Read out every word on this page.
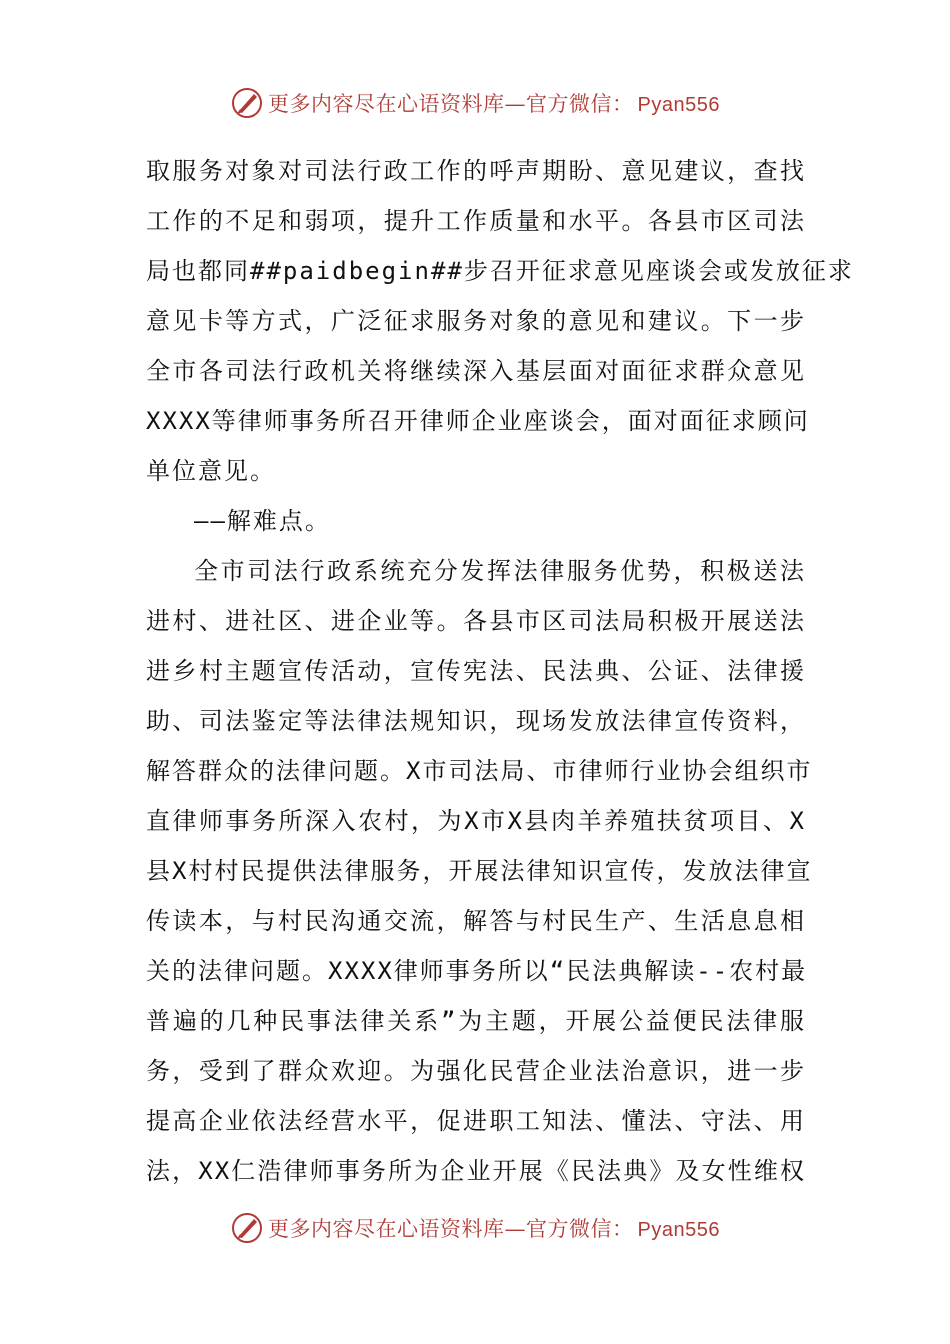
更多内容尽在心语资料库—官方微信： Pyan556
取服务对象对司法行政工作的呼声期盼、意见建议，查找
工作的不足和弱项，提升工作质量和水平。各县市区司法
局也都同##paidbegin##步召开征求意见座谈会或发放征求
意见卡等方式，广泛征求服务对象的意见和建议。下一步
全市各司法行政机关将继续深入基层面对面征求群众意见
XXXX等律师事务所召开律师企业座谈会，面对面征求顾问
单位意见。
——解难点。
全市司法行政系统充分发挥法律服务优势，积极送法
进村、进社区、进企业等。各县市区司法局积极开展送法
进乡村主题宣传活动，宣传宪法、民法典、公证、法律援
助、司法鉴定等法律法规知识，现场发放法律宣传资料，
解答群众的法律问题。X市司法局、市律师行业协会组织市
直律师事务所深入农村，为X市X县肉羊养殖扶贫项目、X
县X村村民提供法律服务，开展法律知识宣传，发放法律宣
传读本，与村民沟通交流，解答与村民生产、生活息息相
关的法律问题。XXXX律师事务所以“民法典解读--农村最
普遍的几种民事法律关系”为主题，开展公益便民法律服
务，受到了群众欢迎。为强化民营企业法治意识，进一步
提高企业依法经营水平，促进职工知法、懂法、守法、用
法，XX仁浩律师事务所为企业开展《民法典》及女性维权
更多内容尽在心语资料库—官方微信： Pyan556
